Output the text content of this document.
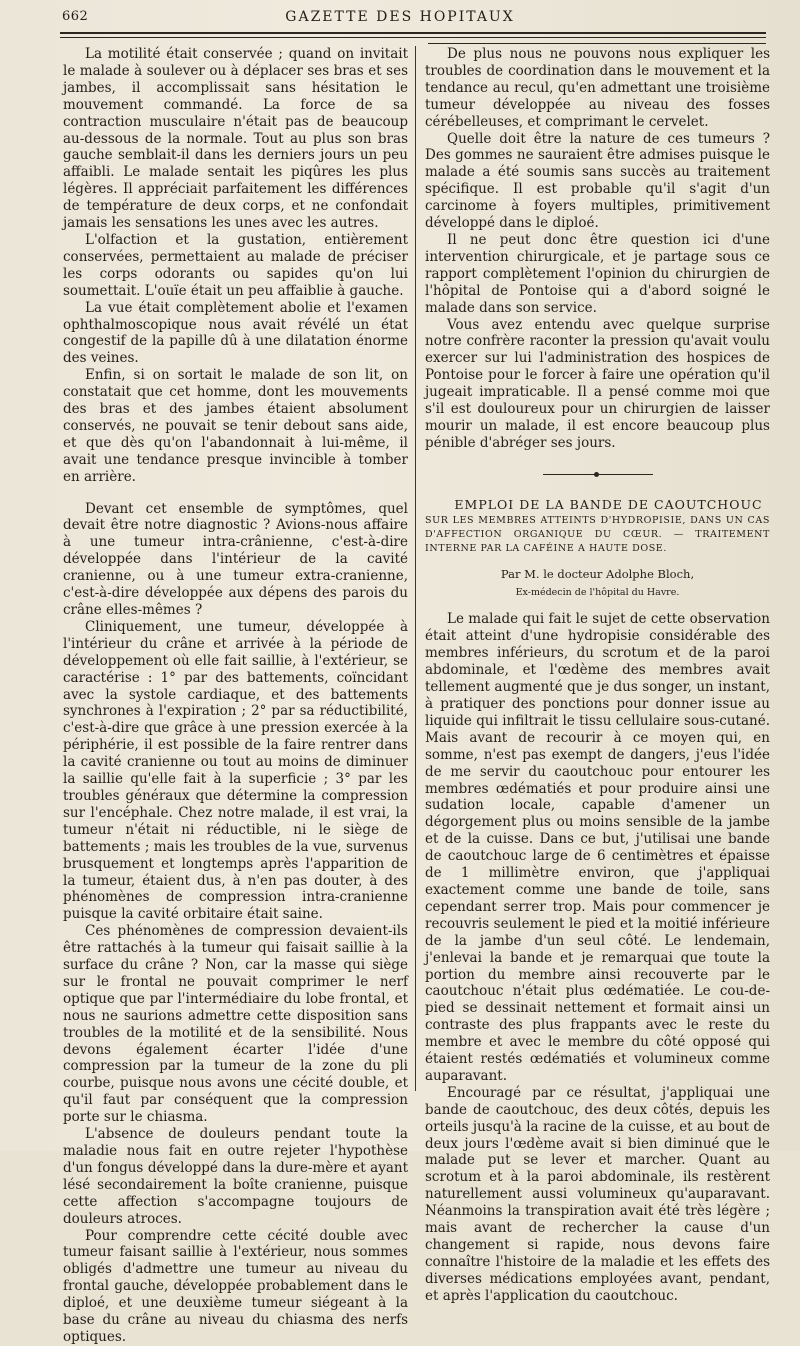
662	GAZETTE DES HOPITAUX

La motilité était conservée ; quand on invitait le malade à soulever ou à déplacer ses bras et ses jambes, il accomplissait sans hésitation le mouvement commandé. La force de sa contraction musculaire n'était pas de beaucoup au-dessous de la normale. Tout au plus son bras gauche semblait-il dans les derniers jours un peu affaibli. Le malade sentait les piqûres les plus légères. Il appréciait parfaitement les différences de température de deux corps, et ne confondait jamais les sensations les unes avec les autres.

L'olfaction et la gustation, entièrement conservées, permettaient au malade de préciser les corps odorants ou sapides qu'on lui soumettait. L'ouïe était un peu affaiblie à gauche.

La vue était complètement abolie et l'examen ophthalmoscopique nous avait révélé un état congestif de la papille dû à une dilatation énorme des veines.

Enfin, si on sortait le malade de son lit, on constatait que cet homme, dont les mouvements des bras et des jambes étaient absolument conservés, ne pouvait se tenir debout sans aide, et que dès qu'on l'abandonnait à lui-même, il avait une tendance presque invincible à tomber en arrière.

Devant cet ensemble de symptômes, quel devait être notre diagnostic ? Avions-nous affaire à une tumeur intra-crânienne, c'est-à-dire développée dans l'intérieur de la cavité cranienne, ou à une tumeur extra-cranienne, c'est-à-dire développée aux dépens des parois du crâne elles-mêmes ?

Cliniquement, une tumeur, développée à l'intérieur du crâne et arrivée à la période de développement où elle fait saillie, à l'extérieur, se caractérise : 1° par des battements, coïncidant avec la systole cardiaque, et des battements synchrones à l'expiration ; 2° par sa réductibilité, c'est-à-dire que grâce à une pression exercée à la périphérie, il est possible de la faire rentrer dans la cavité cranienne ou tout au moins de diminuer la saillie qu'elle fait à la superficie ; 3° par les troubles généraux que détermine la compression sur l'encéphale. Chez notre malade, il est vrai, la tumeur n'était ni réductible, ni le siège de battements ; mais les troubles de la vue, survenus brusquement et longtemps après l'apparition de la tumeur, étaient dus, à n'en pas douter, à des phénomènes de compression intra-cranienne puisque la cavité orbitaire était saine.

Ces phénomènes de compression devaient-ils être rattachés à la tumeur qui faisait saillie à la surface du crâne ? Non, car la masse qui siège sur le frontal ne pouvait comprimer le nerf optique que par l'intermédiaire du lobe frontal, et nous ne saurions admettre cette disposition sans troubles de la motilité et de la sensibilité. Nous devons également écarter l'idée d'une compression par la tumeur de la zone du pli courbe, puisque nous avons une cécité double, et qu'il faut par conséquent que la compression porte sur le chiasma.

L'absence de douleurs pendant toute la maladie nous fait en outre rejeter l'hypothèse d'un fongus développé dans la dure-mère et ayant lésé secondairement la boîte cranienne, puisque cette affection s'accompagne toujours de douleurs atroces.

Pour comprendre cette cécité double avec tumeur faisant saillie à l'extérieur, nous sommes obligés d'admettre une tumeur au niveau du frontal gauche, développée probablement dans le diploé, et une deuxième tumeur siégeant à la base du crâne au niveau du chiasma des nerfs optiques.

De plus nous ne pouvons nous expliquer les troubles de coordination dans le mouvement et la tendance au recul, qu'en admettant une troisième tumeur développée au niveau des fosses cérébelleuses, et comprimant le cervelet.

Quelle doit être la nature de ces tumeurs ? Des gommes ne sauraient être admises puisque le malade a été soumis sans succès au traitement spécifique. Il est probable qu'il s'agit d'un carcinome à foyers multiples, primitivement développé dans le diploé.

Il ne peut donc être question ici d'une intervention chirurgicale, et je partage sous ce rapport complètement l'opinion du chirurgien de l'hôpital de Pontoise qui a d'abord soigné le malade dans son service.

Vous avez entendu avec quelque surprise notre confrère raconter la pression qu'avait voulu exercer sur lui l'administration des hospices de Pontoise pour le forcer à faire une opération qu'il jugeait impraticable. Il a pensé comme moi que s'il est douloureux pour un chirurgien de laisser mourir un malade, il est encore beaucoup plus pénible d'abréger ses jours.

EMPLOI DE LA BANDE DE CAOUTCHOUC

SUR LES MEMBRES ATTEINTS D'HYDROPISIE, DANS UN CAS D'AFFECTION ORGANIQUE DU CŒUR. — TRAITEMENT INTERNE PAR LA CAFÉINE A HAUTE DOSE.

Par M. le docteur Adolphe Bloch,

Ex-médecin de l'hôpital du Havre.

Le malade qui fait le sujet de cette observation était atteint d'une hydropisie considérable des membres inférieurs, du scrotum et de la paroi abdominale, et l'œdème des membres avait tellement augmenté que je dus songer, un instant, à pratiquer des ponctions pour donner issue au liquide qui infiltrait le tissu cellulaire sous-cutané. Mais avant de recourir à ce moyen qui, en somme, n'est pas exempt de dangers, j'eus l'idée de me servir du caoutchouc pour entourer les membres œdématiés et pour produire ainsi une sudation locale, capable d'amener un dégorgement plus ou moins sensible de la jambe et de la cuisse. Dans ce but, j'utilisai une bande de caoutchouc large de 6 centimètres et épaisse de 1 millimètre environ, que j'appliquai exactement comme une bande de toile, sans cependant serrer trop. Mais pour commencer je recouvris seulement le pied et la moitié inférieure de la jambe d'un seul côté. Le lendemain, j'enlevai la bande et je remarquai que toute la portion du membre ainsi recouverte par le caoutchouc n'était plus œdématiée. Le cou-de-pied se dessinait nettement et formait ainsi un contraste des plus frappants avec le reste du membre et avec le membre du côté opposé qui étaient restés œdématiés et volumineux comme auparavant.

Encouragé par ce résultat, j'appliquai une bande de caoutchouc, des deux côtés, depuis les orteils jusqu'à la racine de la cuisse, et au bout de deux jours l'œdème avait si bien diminué que le malade put se lever et marcher. Quant au scrotum et à la paroi abdominale, ils restèrent naturellement aussi volumineux qu'auparavant. Néanmoins la transpiration avait été très légère ; mais avant de rechercher la cause d'un changement si rapide, nous devons faire connaître l'histoire de la maladie et les effets des diverses médications employées avant, pendant, et après l'application du caoutchouc.
